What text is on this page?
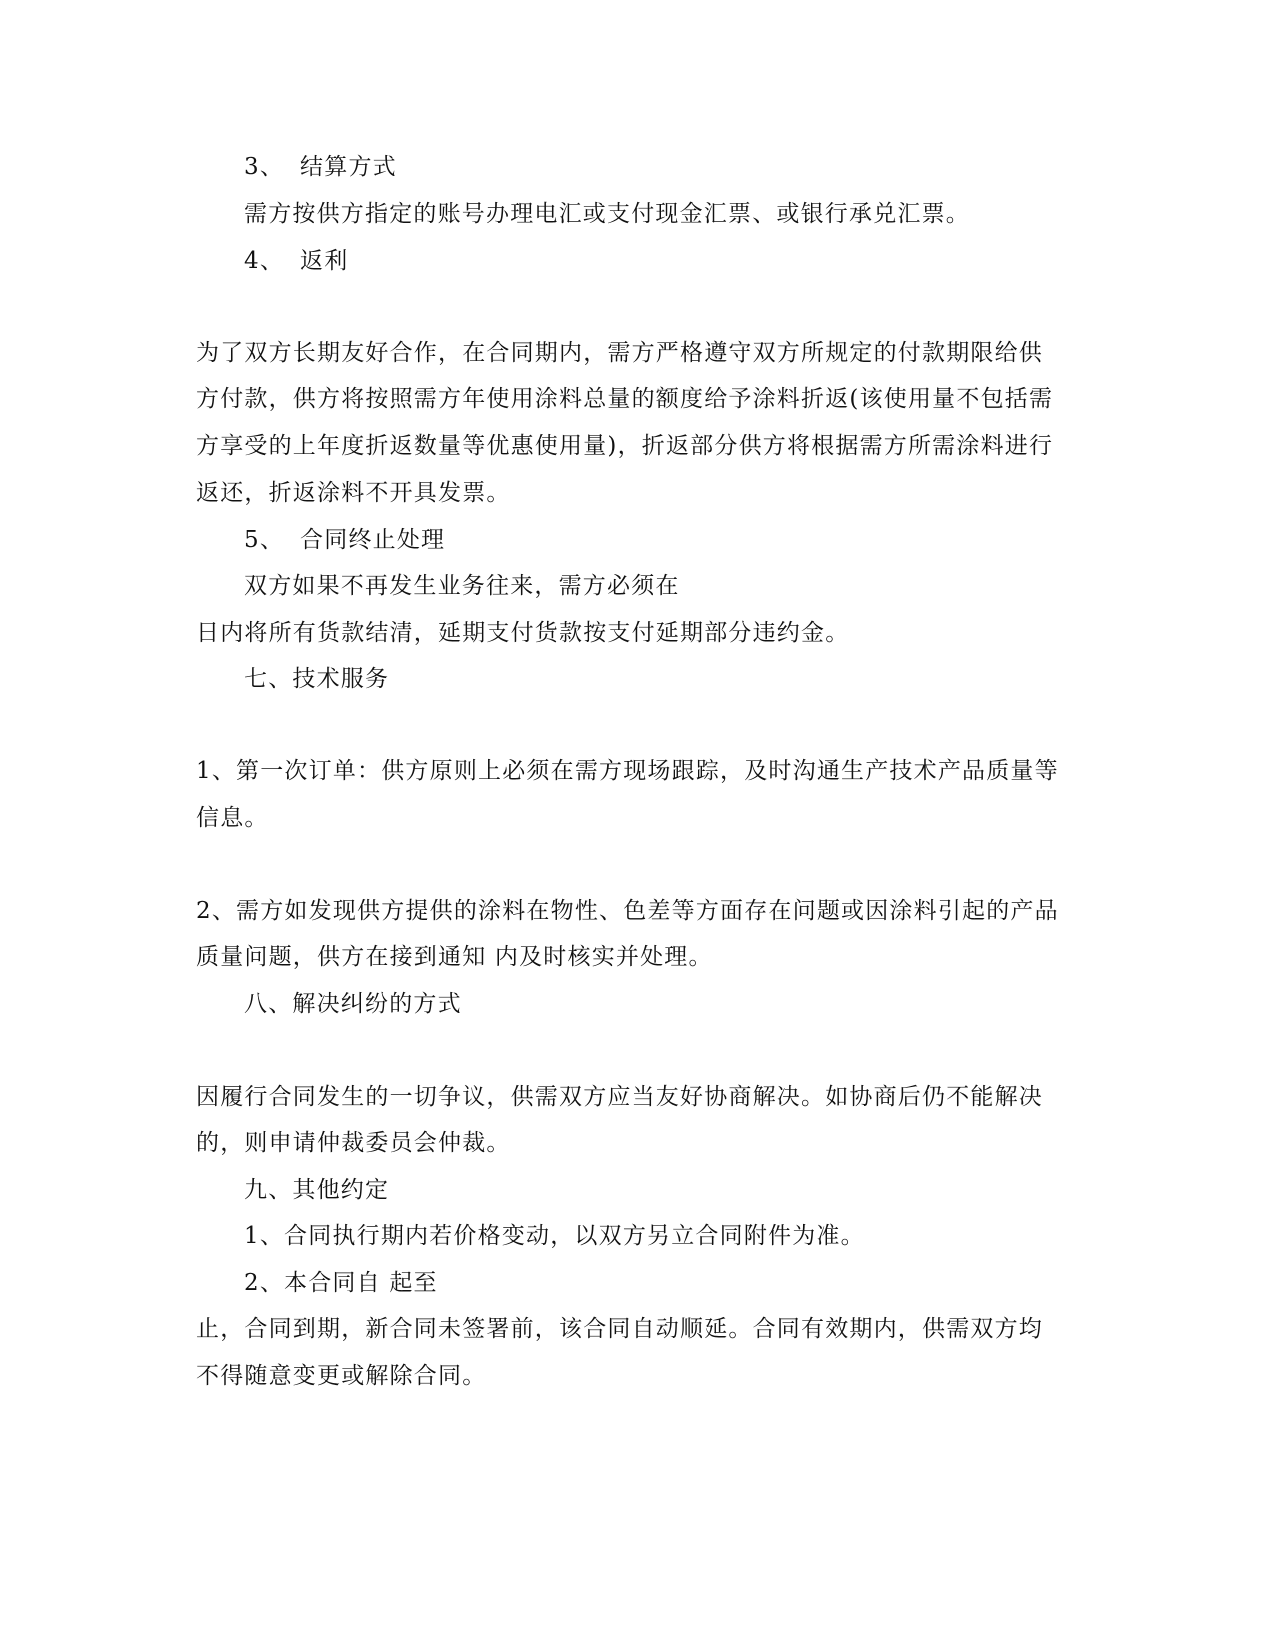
3、 结算方式
需方按供方指定的账号办理电汇或支付现金汇票、或银行承兑汇票。
4、 返利
为了双方长期友好合作，在合同期内，需方严格遵守双方所规定的付款期限给供
方付款，供方将按照需方年使用涂料总量的额度给予涂料折返(该使用量不包括需
方享受的上年度折返数量等优惠使用量)，折返部分供方将根据需方所需涂料进行
返还，折返涂料不开具发票。
5、 合同终止处理
双方如果不再发生业务往来，需方必须在
日内将所有货款结清，延期支付货款按支付延期部分违约金。
七、技术服务
1、第一次订单：供方原则上必须在需方现场跟踪，及时沟通生产技术产品质量等
信息。
2、需方如发现供方提供的涂料在物性、色差等方面存在问题或因涂料引起的产品
质量问题，供方在接到通知 内及时核实并处理。
八、解决纠纷的方式
因履行合同发生的一切争议，供需双方应当友好协商解决。如协商后仍不能解决
的，则申请仲裁委员会仲裁。
九、其他约定
1、合同执行期内若价格变动，以双方另立合同附件为准。
2、本合同自 起至
止，合同到期，新合同未签署前，该合同自动顺延。合同有效期内，供需双方均
不得随意变更或解除合同。
